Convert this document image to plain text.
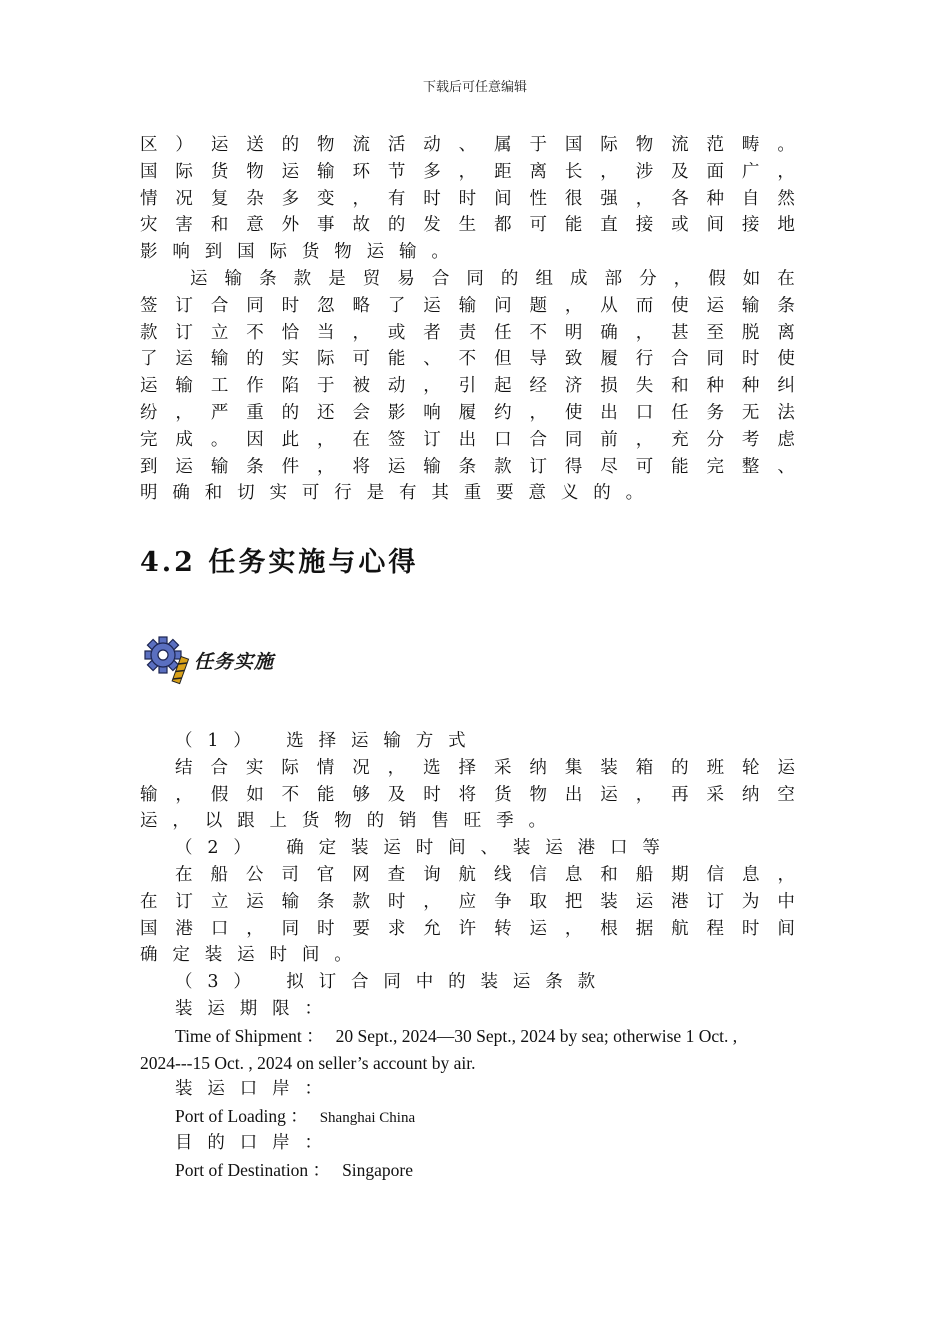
下载后可任意编辑
区 ） 运 送 的 物 流 活 动 、 属 于 国 际 物 流 范 畴 。
国 际 货 物 运 输 环 节 多 ， 距 离 长 ， 涉 及 面 广 ，
情 况 复 杂 多 变 ， 有 时 时 间 性 很 强 ， 各 种 自 然
灾 害 和 意 外 事 故 的 发 生 都 可 能 直 接 或 间 接 地
影响到国际货物运输。
运 输 条 款 是 贸 易 合 同 的 组 成 部 分 ， 假 如 在
签 订 合 同 时 忽 略 了 运 输 问 题 ， 从 而 使 运 输 条
款 订 立 不 恰 当 ， 或 者 责 任 不 明 确 ， 甚 至 脱 离
了 运 输 的 实 际 可 能 、 不 但 导 致 履 行 合 同 时 使
运 输 工 作 陷 于 被 动 ， 引 起 经 济 损 失 和 种 种 纠
纷 ， 严 重 的 还 会 影 响 履 约 ， 使 出 口 任 务 无 法
完 成 。 因 此 ， 在 签 订 出 口 合 同 前 ， 充 分 考 虑
到 运 输 条 件 ， 将 运 输 条 款 订 得 尽 可 能 完 整 、
明确和切实可行是有其重要意义的。
4.2 任务实施与心得
任务实施
（1） 选择运输方式
结 合 实 际 情 况 ， 选 择 采 纳 集 装 箱 的 班 轮 运
输 ， 假 如 不 能 够 及 时 将 货 物 出 运 ， 再 采 纳 空
运，以跟上货物的销售旺季。
（2） 确定装运时间、装运港口等
在 船 公 司 官 网 查 询 航 线 信 息 和 船 期 信 息 ，
在 订 立 运 输 条 款 时 ， 应 争 取 把 装 运 港 订 为 中
国 港 口 ， 同 时 要 求 允 许 转 运 ， 根 据 航 程 时 间
确定装运时间。
（3） 拟订合同中的装运条款
装运期限：
Time of Shipment ： 20 Sept., 2024—30 Sept., 2024 by sea; otherwise 1 Oct. ,
2024---15 Oct. , 2024 on seller’s account by air.
装运口岸：
Port of Loading ： Shanghai China
目的口岸：
Port of Destination ： Singapore
